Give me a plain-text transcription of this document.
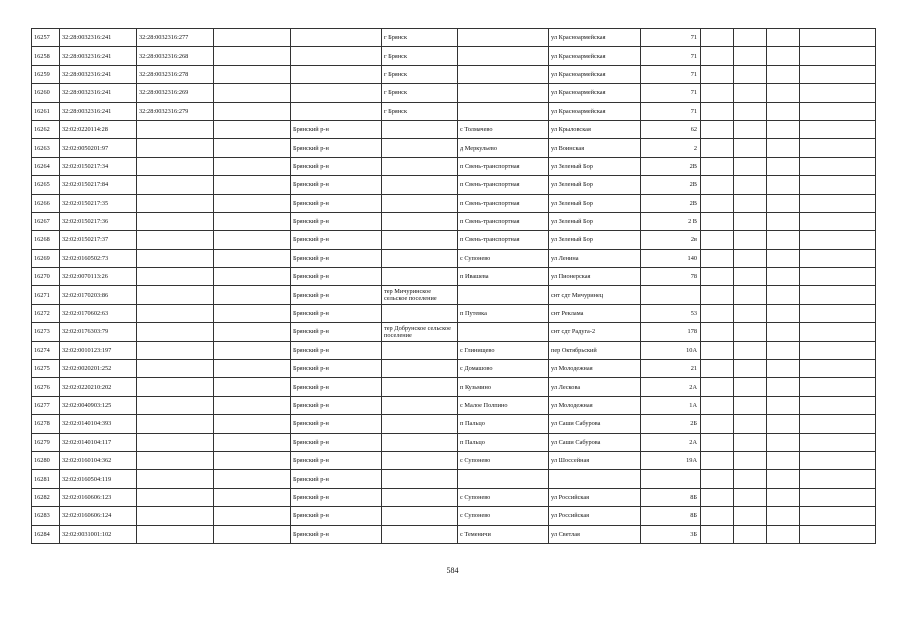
16257	32:28:0032316:241	32:28:0032316:277			г Брянск		ул Красноармейская	71				
16258	32:28:0032316:241	32:28:0032316:268			г Брянск		ул Красноармейская	71				
16259	32:28:0032316:241	32:28:0032316:278			г Брянск		ул Красноармейская	71				
16260	32:28:0032316:241	32:28:0032316:269			г Брянск		ул Красноармейская	71				
16261	32:28:0032316:241	32:28:0032316:279			г Брянск		ул Красноармейская	71				
16262	32:02:0220114:28			Брянский р-н		с Толмачево	ул Крыловская	62				
16263	32:02:0050201:97			Брянский р-н		д Меркульево	ул Воинская	2				
16264	32:02:0150217:34			Брянский р-н		п Свень-транспортная	ул Зеленый Бор	2В				
16265	32:02:0150217:84			Брянский р-н		п Свень-транспортная	ул Зеленый Бор	2В				
16266	32:02:0150217:35			Брянский р-н		п Свень-транспортная	ул Зеленый Бор	2В				
16267	32:02:0150217:36			Брянский р-н		п Свень-транспортная	ул Зеленый Бор	2 В				
16268	32:02:0150217:37			Брянский р-н		п Свень-транспортная	ул Зеленый Бор	2в				
16269	32:02:0160502:73			Брянский р-н		с Супонево	ул Ленина	140				
16270	32:02:0070113:26			Брянский р-н		п Ивашева	ул Пионерская	78				
16271	32:02:0170203:86			Брянский р-н	тер Мичуринское сельское поселение		снт сдт Мичуринец					
16272	32:02:0170602:63			Брянский р-н		п Путевка	снт Реклама	53				
16273	32:02:0176303:79			Брянский р-н	тер Добрунское сельское поселение		снт сдт Радуга-2	178				
16274	32:02:0010123:197			Брянский р-н		с Глинищево	пер Октябрьский	10А				
16275	32:02:0020201:252			Брянский р-н		с Домашово	ул Молодежная	21				
16276	32:02:0220210:202			Брянский р-н		п Кузьмино	ул Лескова	2А				
16277	32:02:0040903:125			Брянский р-н		с Малое Полпино	ул Молодежная	1А				
16278	32:02:0140104:393			Брянский р-н		п Пальцо	ул Саши Сабурова	2Б				
16279	32:02:0140104:117			Брянский р-н		п Пальцо	ул Саши Сабурова	2А				
16280	32:02:0160104:362			Брянский р-н		с Супонево	ул Шоссейная	19А				
16281	32:02:0160504:119			Брянский р-н								
16282	32:02:0160606:123			Брянский р-н		с Супонево	ул Российская	8Б				
16283	32:02:0160606:124			Брянский р-н		с Супонево	ул Российская	8Б				
16284	32:02:0031001:102			Брянский р-н		с Теменичи	ул Светлая	3Б				
584
